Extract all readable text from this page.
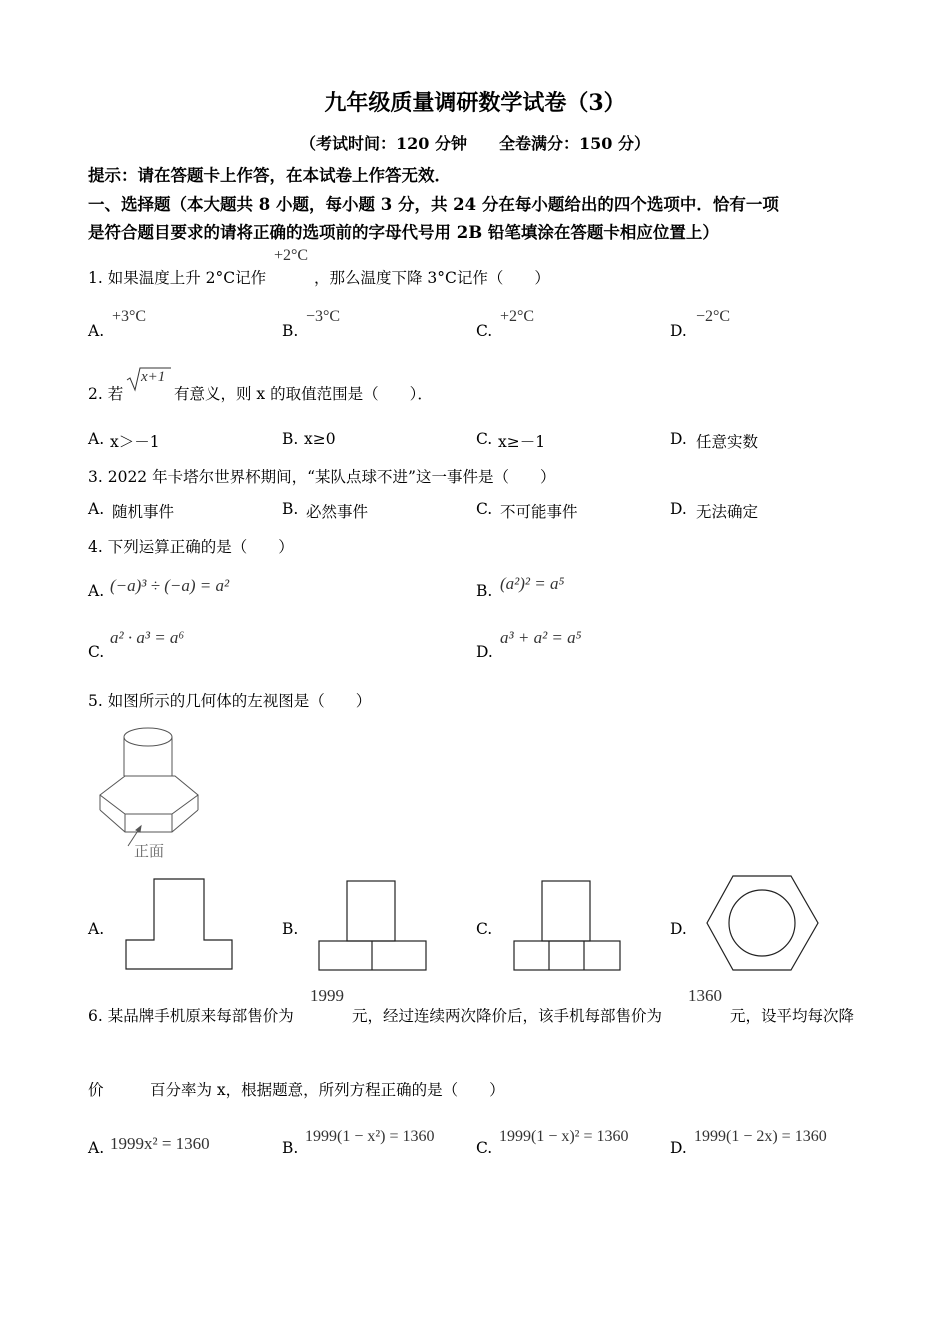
九年级质量调研数学试卷（3）
（考试时间：120 分钟　　全卷满分：150 分）
提示：请在答题卡上作答，在本试卷上作答无效．
一、选择题（本大题共 8 小题，每小题 3 分，共 24 分在每小题给出的四个选项中．恰有一项
是符合题目要求的请将正确的选项前的字母代号用 2B 铅笔填涂在答题卡相应位置上）
1. 如果温度上升 2°C记作
+2°C
，那么温度下降 3°C记作（　　）
A.
+3°C
B.
−3°C
C.
+2°C
D.
−2°C
2. 若
x+1
有意义，则 x 的取值范围是（　　）．
A. x＞－1	B. x≥0	C. x≥－1	D. 任意实数
3. 2022 年卡塔尔世界杯期间，“某队点球不进”这一事件是（　　）
A. 随机事件	B. 必然事件	C. 不可能事件	D. 无法确定
4. 下列运算正确的是（　　）
A. (−a)³ ÷ (−a) = a²	B. (a²)² = a⁵
C.
a² · a³ = a⁶
D.
a³ + a² = a⁵
5. 如图所示的几何体的左视图是（　　）
正面
A.	B.	C.	D.
6. 某品牌手机原来每部售价为
1999
元，经过连续两次降价后，该手机每部售价为
1360
元，设平均每次降
价	百分率为 x，根据题意，所列方程正确的是（　　）
A. 1999x² = 1360	B.
1999(1 − x²) = 1360
C.
1999(1 − x)² = 1360
D.
1999(1 − 2x) = 1360
